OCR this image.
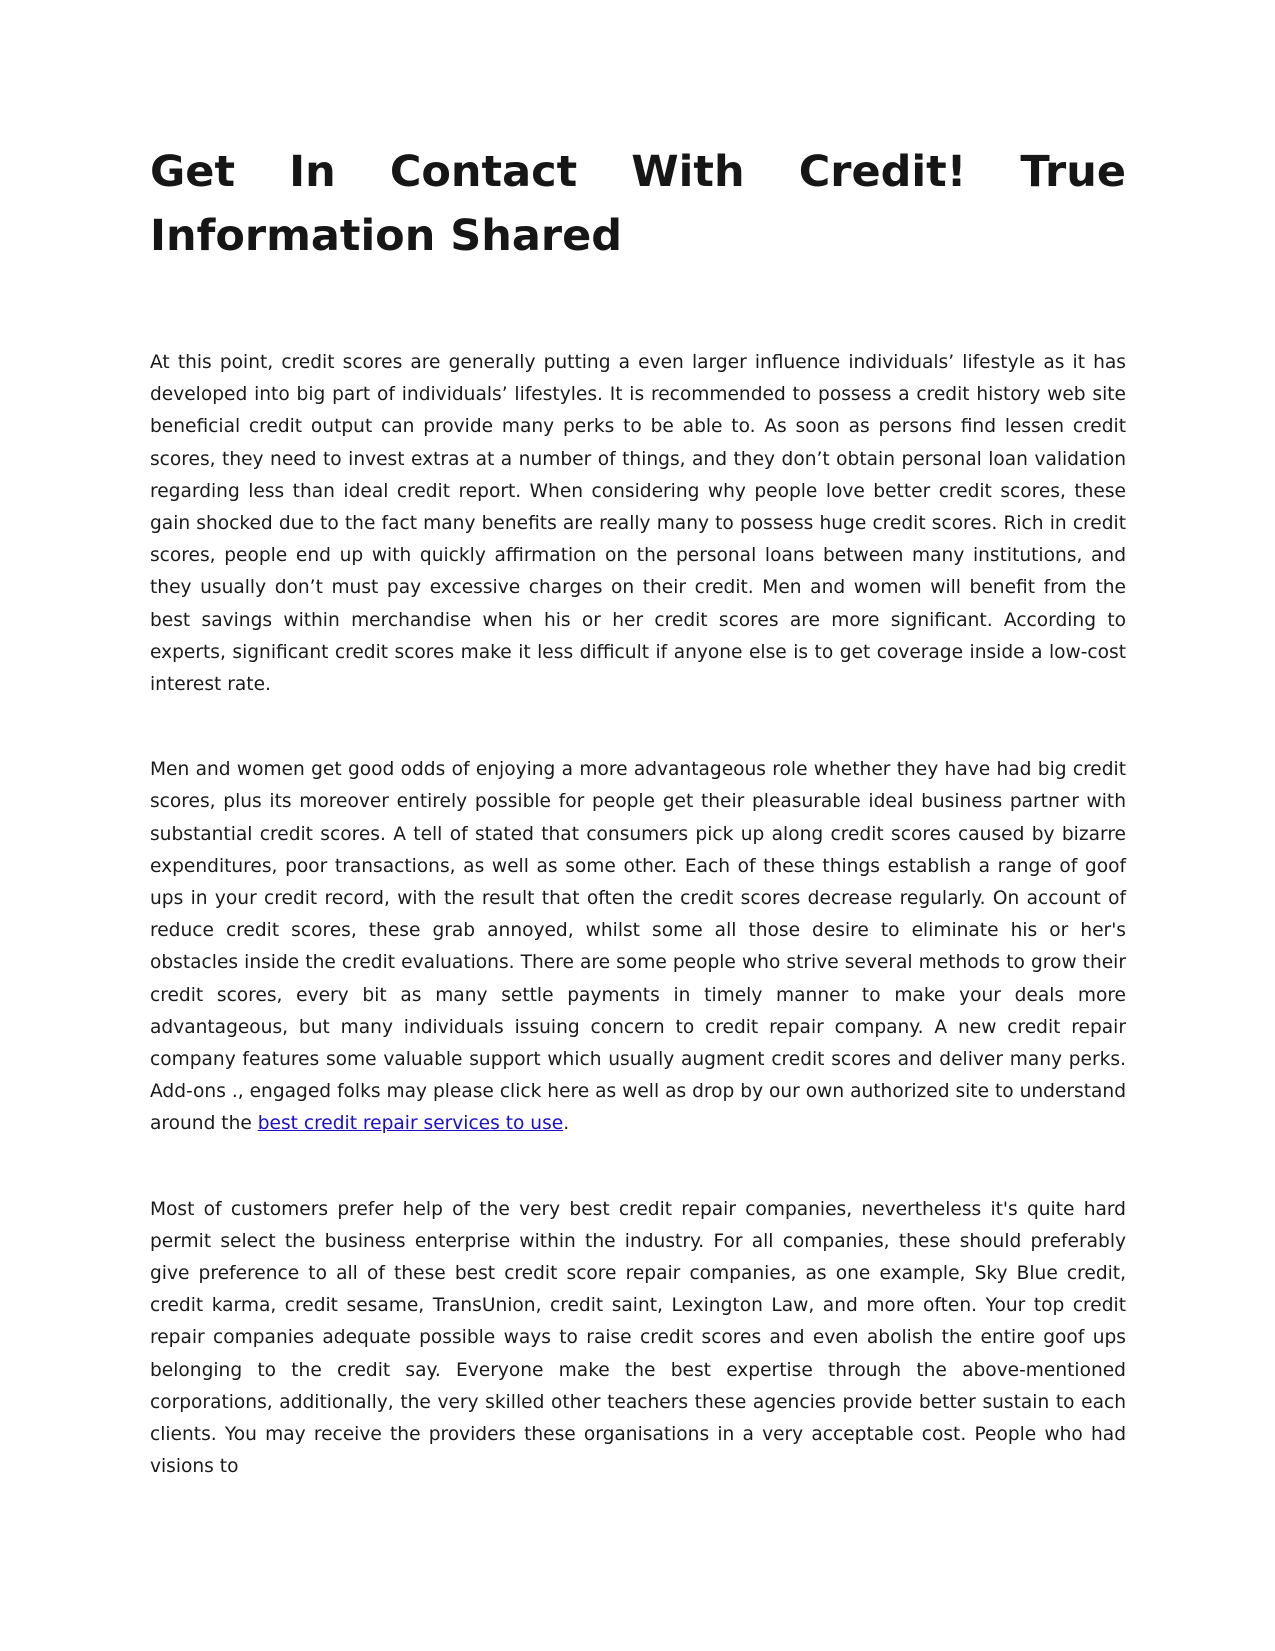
Get In Contact With Credit! True Information Shared

At this point, credit scores are generally putting a even larger influence individuals’ lifestyle as it has developed into big part of individuals’ lifestyles. It is recommended to possess a credit history web site beneficial credit output can provide many perks to be able to. As soon as persons find lessen credit scores, they need to invest extras at a number of things, and they don’t obtain personal loan validation regarding less than ideal credit report. When considering why people love better credit scores, these gain shocked due to the fact many benefits are really many to possess huge credit scores. Rich in credit scores, people end up with quickly affirmation on the personal loans between many institutions, and they usually don’t must pay excessive charges on their credit. Men and women will benefit from the best savings within merchandise when his or her credit scores are more significant. According to experts, significant credit scores make it less difficult if anyone else is to get coverage inside a low-cost interest rate.

Men and women get good odds of enjoying a more advantageous role whether they have had big credit scores, plus its moreover entirely possible for people get their pleasurable ideal business partner with substantial credit scores. A tell of stated that consumers pick up along credit scores caused by bizarre expenditures, poor transactions, as well as some other. Each of these things establish a range of goof ups in your credit record, with the result that often the credit scores decrease regularly. On account of reduce credit scores, these grab annoyed, whilst some all those desire to eliminate his or her's obstacles inside the credit evaluations. There are some people who strive several methods to grow their credit scores, every bit as many settle payments in timely manner to make your deals more advantageous, but many individuals issuing concern to credit repair company. A new credit repair company features some valuable support which usually augment credit scores and deliver many perks. Add-ons ., engaged folks may please click here as well as drop by our own authorized site to understand around the best credit repair services to use.

Most of customers prefer help of the very best credit repair companies, nevertheless it's quite hard permit select the business enterprise within the industry. For all companies, these should preferably give preference to all of these best credit score repair companies, as one example, Sky Blue credit, credit karma, credit sesame, TransUnion, credit saint, Lexington Law, and more often. Your top credit repair companies adequate possible ways to raise credit scores and even abolish the entire goof ups belonging to the credit say. Everyone make the best expertise through the above-mentioned corporations, additionally, the very skilled other teachers these agencies provide better sustain to each clients. You may receive the providers these organisations in a very acceptable cost. People who had visions to
